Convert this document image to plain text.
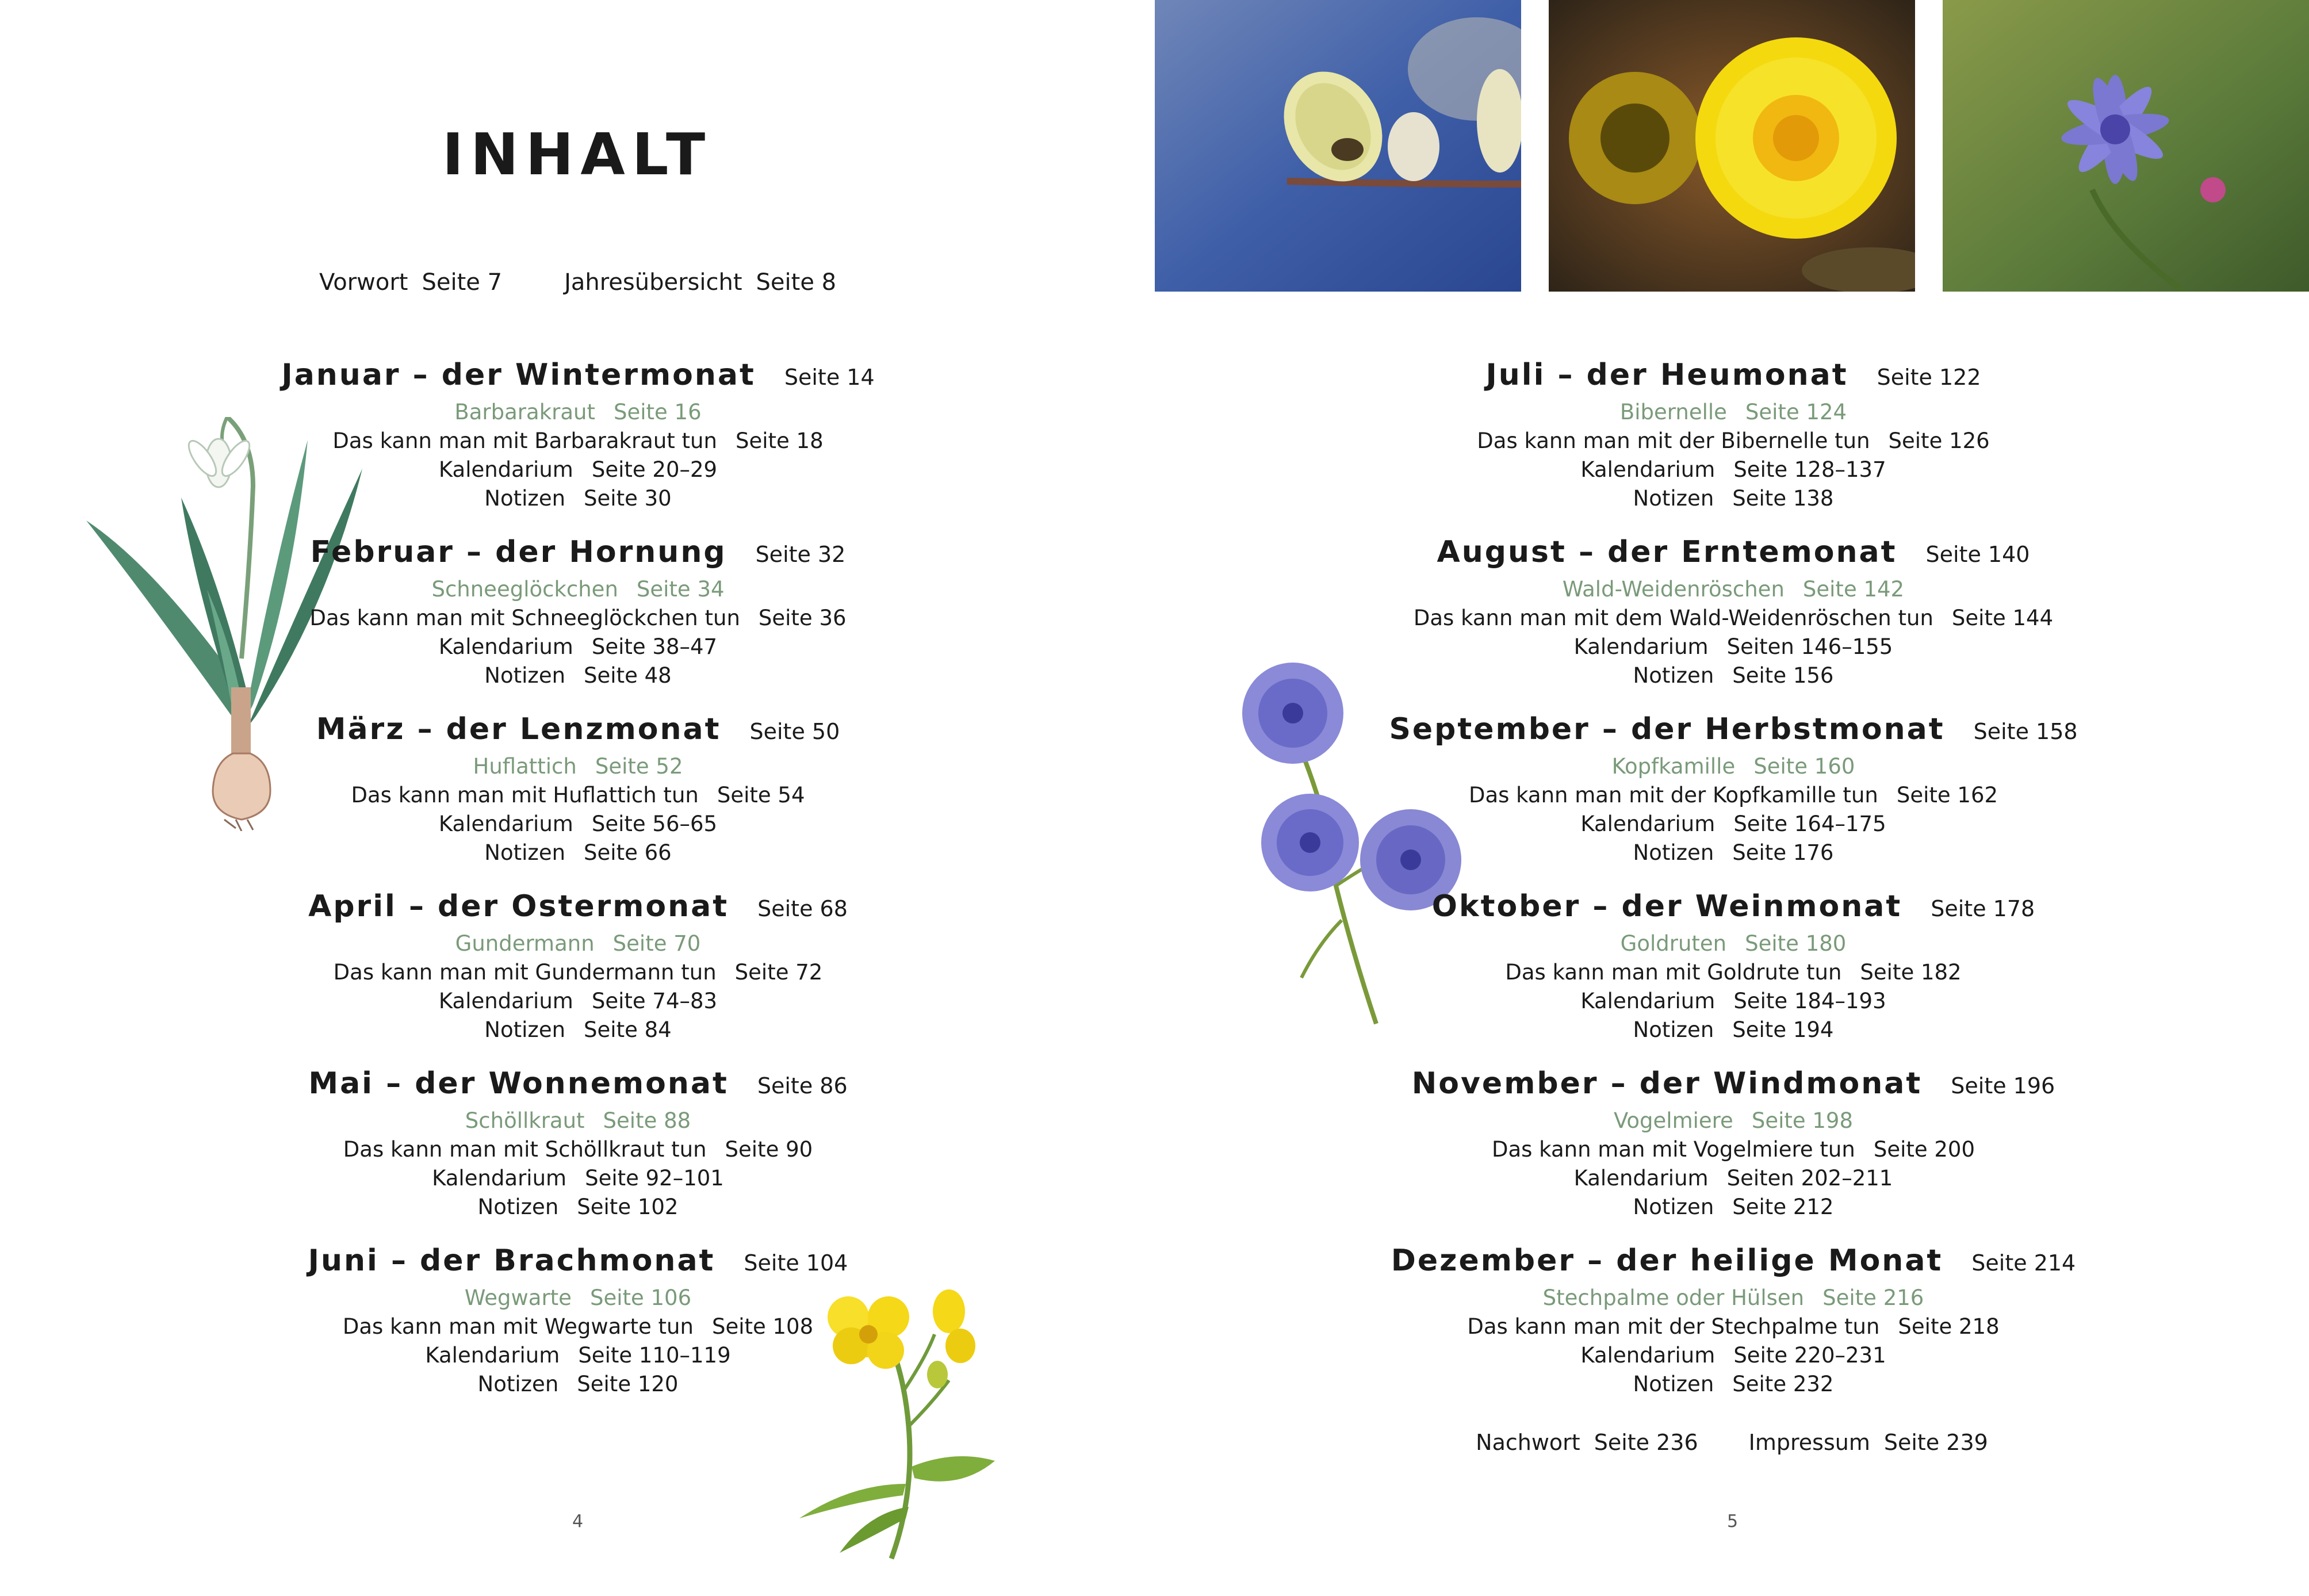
INHALT
Vorwort Seite 7	Jahresübersicht Seite 8
Januar – der Wintermonat Seite 14
Barbarakraut Seite 16
Das kann man mit Barbarakraut tun Seite 18
Kalendarium Seite 20–29
Notizen Seite 30
Februar – der Hornung Seite 32
Schneeglöckchen Seite 34
Das kann man mit Schneeglöckchen tun Seite 36
Kalendarium Seite 38–47
Notizen Seite 48
März – der Lenzmonat Seite 50
Huflattich Seite 52
Das kann man mit Huflattich tun Seite 54
Kalendarium Seite 56–65
Notizen Seite 66
April – der Ostermonat Seite 68
Gundermann Seite 70
Das kann man mit Gundermann tun Seite 72
Kalendarium Seite 74–83
Notizen Seite 84
Mai – der Wonnemonat Seite 86
Schöllkraut Seite 88
Das kann man mit Schöllkraut tun Seite 90
Kalendarium Seite 92–101
Notizen Seite 102
Juni – der Brachmonat Seite 104
Wegwarte Seite 106
Das kann man mit Wegwarte tun Seite 108
Kalendarium Seite 110–119
Notizen Seite 120
4
Juli – der Heumonat Seite 122
Bibernelle Seite 124
Das kann man mit der Bibernelle tun Seite 126
Kalendarium Seite 128–137
Notizen Seite 138
August – der Erntemonat Seite 140
Wald-Weidenröschen Seite 142
Das kann man mit dem Wald-Weidenröschen tun Seite 144
Kalendarium Seiten 146–155
Notizen Seite 156
September – der Herbstmonat Seite 158
Kopfkamille Seite 160
Das kann man mit der Kopfkamille tun Seite 162
Kalendarium Seite 164–175
Notizen Seite 176
Oktober – der Weinmonat Seite 178
Goldruten Seite 180
Das kann man mit Goldrute tun Seite 182
Kalendarium Seite 184–193
Notizen Seite 194
November – der Windmonat Seite 196
Vogelmiere Seite 198
Das kann man mit Vogelmiere tun Seite 200
Kalendarium Seiten 202–211
Notizen Seite 212
Dezember – der heilige Monat Seite 214
Stechpalme oder Hülsen Seite 216
Das kann man mit der Stechpalme tun Seite 218
Kalendarium Seite 220–231
Notizen Seite 232
Nachwort Seite 236 Impressum Seite 239
5
